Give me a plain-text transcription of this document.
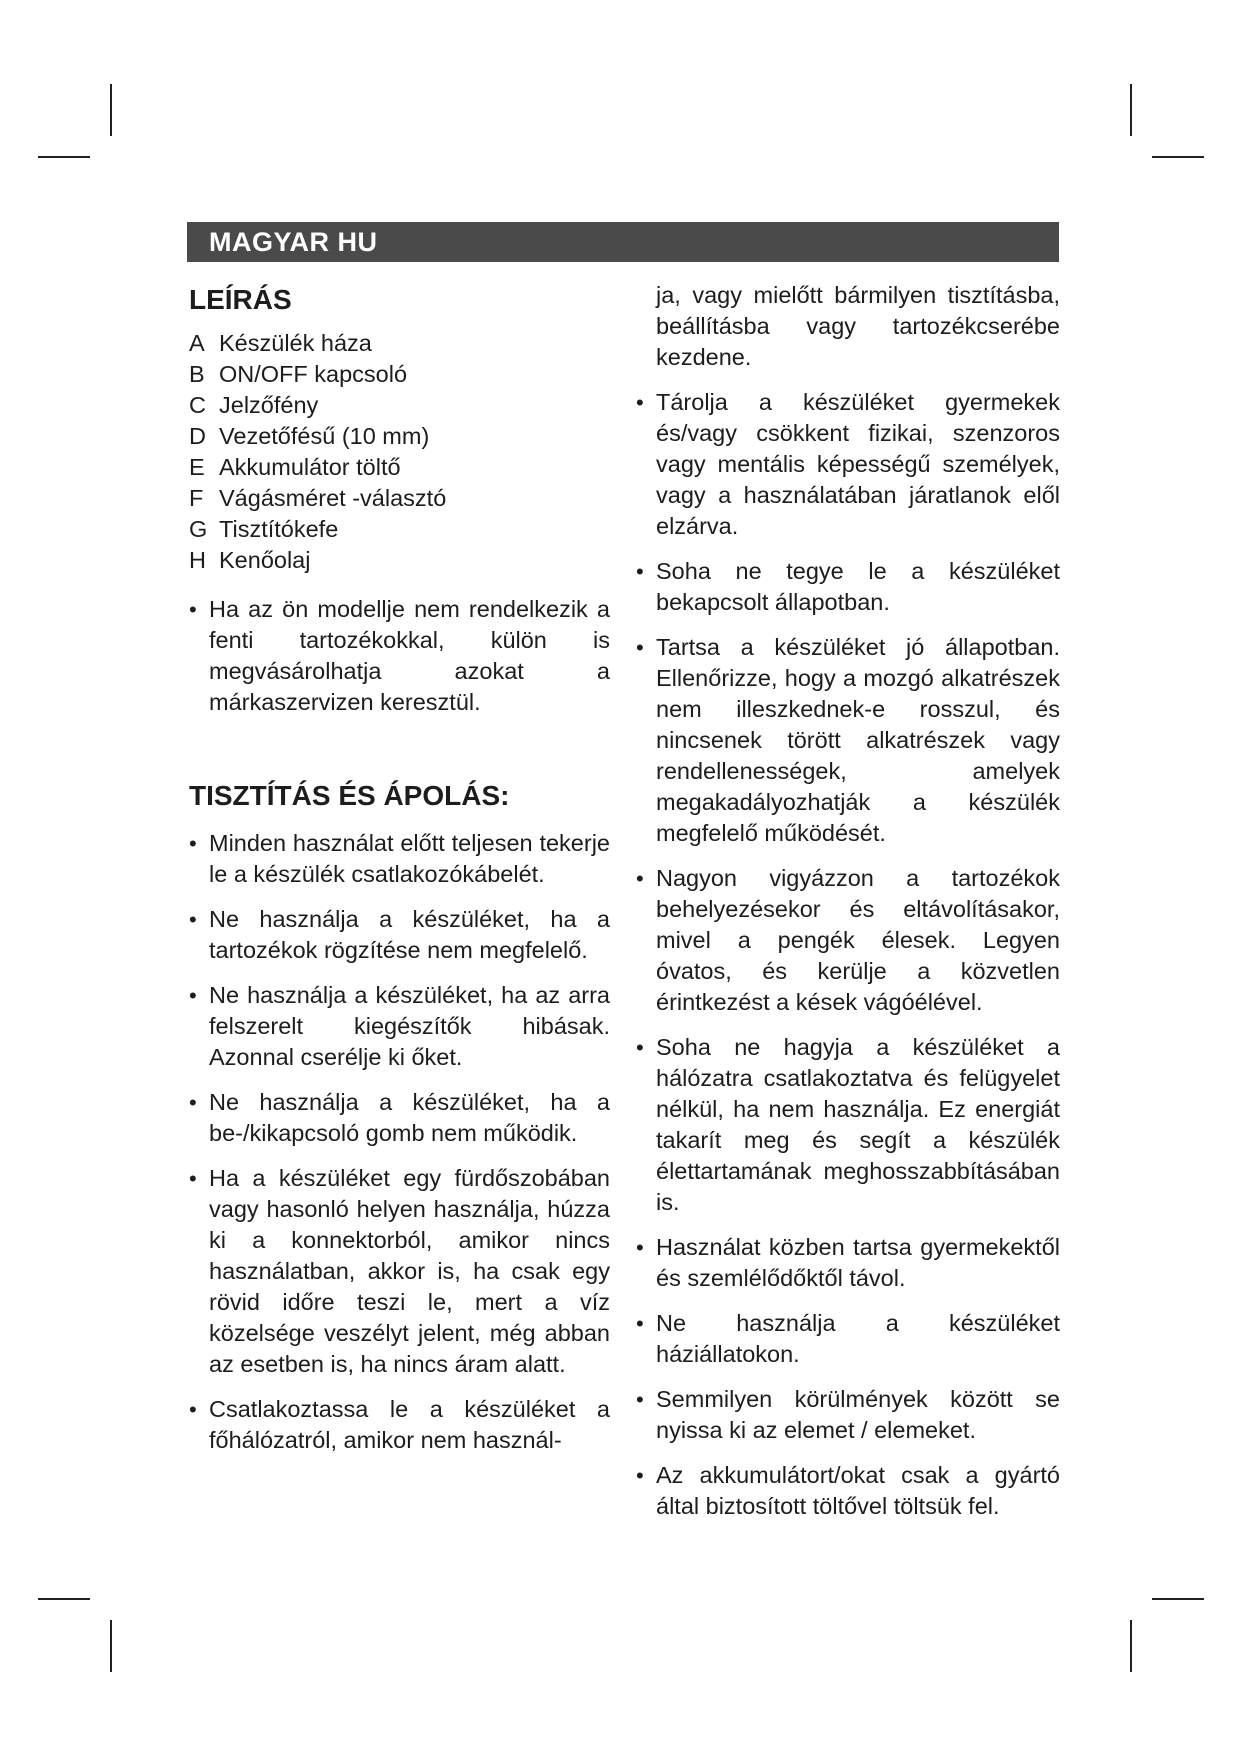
MAGYAR HU
LEÍRÁS
A Készülék háza
B ON/OFF kapcsoló
C Jelzőfény
D Vezetőfésű (10 mm)
E Akkumulátor töltő
F Vágásméret -választó
G Tisztítókefe
H Kenőolaj
• Ha az ön modellje nem rendelkezik a fenti tartozékokkal, külön is megvásárolhatja azokat a márkaszervizen keresztül.
TISZTÍTÁS ÉS ÁPOLÁS:
• Minden használat előtt teljesen tekerje le a készülék csatlakozókábelét.
• Ne használja a készüléket, ha a tartozékok rögzítése nem megfelelő.
• Ne használja a készüléket, ha az arra felszerelt kiegészítők hibásak. Azonnal cserélje ki őket.
• Ne használja a készüléket, ha a be-/kikapcsoló gomb nem működik.
• Ha a készüléket egy fürdőszobában vagy hasonló helyen használja, húzza ki a konnektorból, amikor nincs használatban, akkor is, ha csak egy rövid időre teszi le, mert a víz közelsége veszélyt jelent, még abban az esetben is, ha nincs áram alatt.
• Csatlakoztassa le a készüléket a főhálózatról, amikor nem használ-

ja, vagy mielőtt bármilyen tisztításba, beállításba vagy tartozékcserébe kezdene.

• Tárolja a készüléket gyermekek és/vagy csökkent fizikai, szenzoros vagy mentális képességű személyek, vagy a használatában járatlanok elől elzárva.
• Soha ne tegye le a készüléket bekapcsolt állapotban.
• Tartsa a készüléket jó állapotban. Ellenőrizze, hogy a mozgó alkatrészek nem illeszkednek-e rosszul, és nincsenek törött alkatrészek vagy rendellenességek, amelyek megakadályozhatják a készülék megfelelő működését.
• Nagyon vigyázzon a tartozékok behelyezésekor és eltávolításakor, mivel a pengék élesek. Legyen óvatos, és kerülje a közvetlen érintkezést a kések vágóélével.
• Soha ne hagyja a készüléket a hálózatra csatlakoztatva és felügyelet nélkül, ha nem használja. Ez energiát takarít meg és segít a készülék élettartamának meghosszabbításában is.
• Használat közben tartsa gyermekektől és szemlélődőktől távol.
• Ne használja a készüléket háziállatokon.
• Semmilyen körülmények között se nyissa ki az elemet / elemeket.
• Az akkumulátort/okat csak a gyártó által biztosított töltővel töltsük fel.
